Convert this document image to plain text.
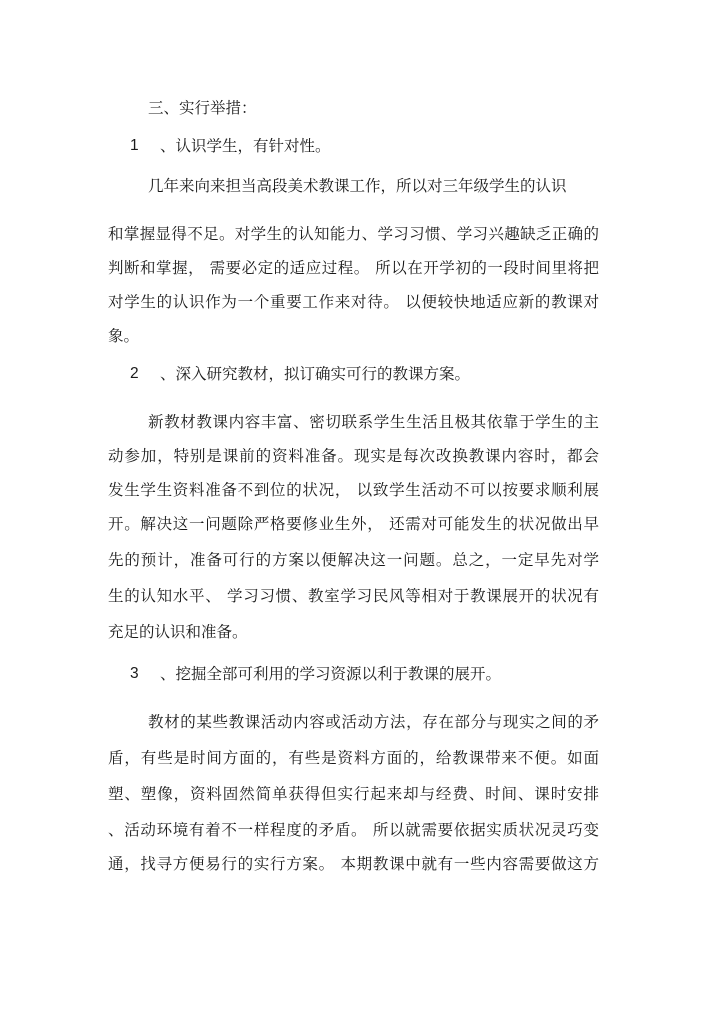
三、实行举措：
1 、认识学生，有针对性。
几年来向来担当高段美术教课工作，所以对三年级学生的认识
和掌握显得不足。对学生的认知能力、学习习惯、学习兴趣缺乏正确的
判断和掌握， 需要必定的适应过程。 所以在开学初的一段时间里将把
对学生的认识作为一个重要工作来对待。 以便较快地适应新的教课对
象。
2 、深入研究教材，拟订确实可行的教课方案。
新教材教课内容丰富、密切联系学生生活且极其依靠于学生的主
动参加，特别是课前的资料准备。现实是每次改换教课内容时，都会
发生学生资料准备不到位的状况， 以致学生活动不可以按要求顺利展
开。解决这一问题除严格要修业生外， 还需对可能发生的状况做出早
先的预计，准备可行的方案以便解决这一问题。总之，一定早先对学
生的认知水平、 学习习惯、教室学习民风等相对于教课展开的状况有
充足的认识和准备。
3 、挖掘全部可利用的学习资源以利于教课的展开。
教材的某些教课活动内容或活动方法，存在部分与现实之间的矛
盾，有些是时间方面的，有些是资料方面的，给教课带来不便。如面
塑、塑像，资料固然简单获得但实行起来却与经费、时间、课时安排
、活动环境有着不一样程度的矛盾。 所以就需要依据实质状况灵巧变
通，找寻方便易行的实行方案。 本期教课中就有一些内容需要做这方
